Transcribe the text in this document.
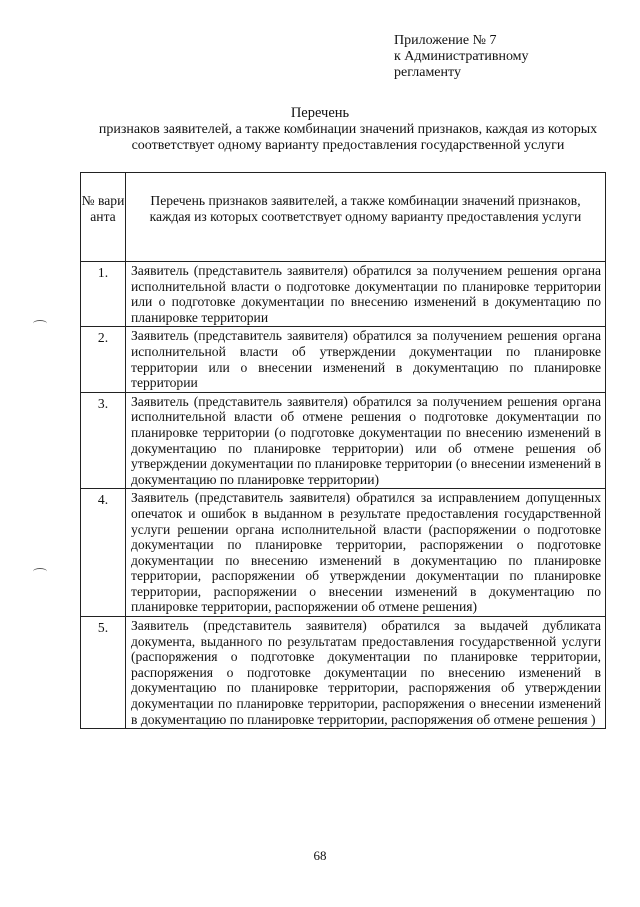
Приложение № 7
к Административному
регламенту
Перечень
признаков заявителей, а также комбинации значений признаков, каждая из которых соответствует одному варианту предоставления государственной услуги
№ вари анта	Перечень признаков заявителей, а также комбинации значений признаков, каждая из которых соответствует одному варианту предоставления услуги
1.	Заявитель (представитель заявителя) обратился за получением решения органа исполнительной власти о подготовке документации по планировке территории или о подготовке документации по внесению изменений в документацию по планировке территории
2.	Заявитель (представитель заявителя) обратился за получением решения органа исполнительной власти об утверждении документации по планировке территории или о внесении изменений в документацию по планировке территории
3.	Заявитель (представитель заявителя) обратился за получением решения органа исполнительной власти об отмене решения о подготовке документации по планировке территории (о подготовке документации по внесению изменений в документацию по планировке территории) или об отмене решения об утверждении документации по планировке территории (о внесении изменений в документацию по планировке территории)
4.	Заявитель (представитель заявителя) обратился за исправлением допущенных опечаток и ошибок в выданном в результате предоставления государственной услуги решении органа исполнительной власти (распоряжении о подготовке документации по планировке территории, распоряжении о подготовке документации по внесению изменений в документацию по планировке территории, распоряжении об утверждении документации по планировке территории, распоряжении о внесении изменений в документацию по планировке территории, распоряжении об отмене решения)
5.	Заявитель (представитель заявителя) обратился за выдачей дубликата документа, выданного по результатам предоставления государственной услуги (распоряжения о подготовке документации по планировке территории, распоряжения о подготовке документации по внесению изменений в документацию по планировке территории, распоряжения об утверждении документации по планировке территории, распоряжения о внесении изменений в документацию по планировке территории, распоряжения об отмене решения )
68
